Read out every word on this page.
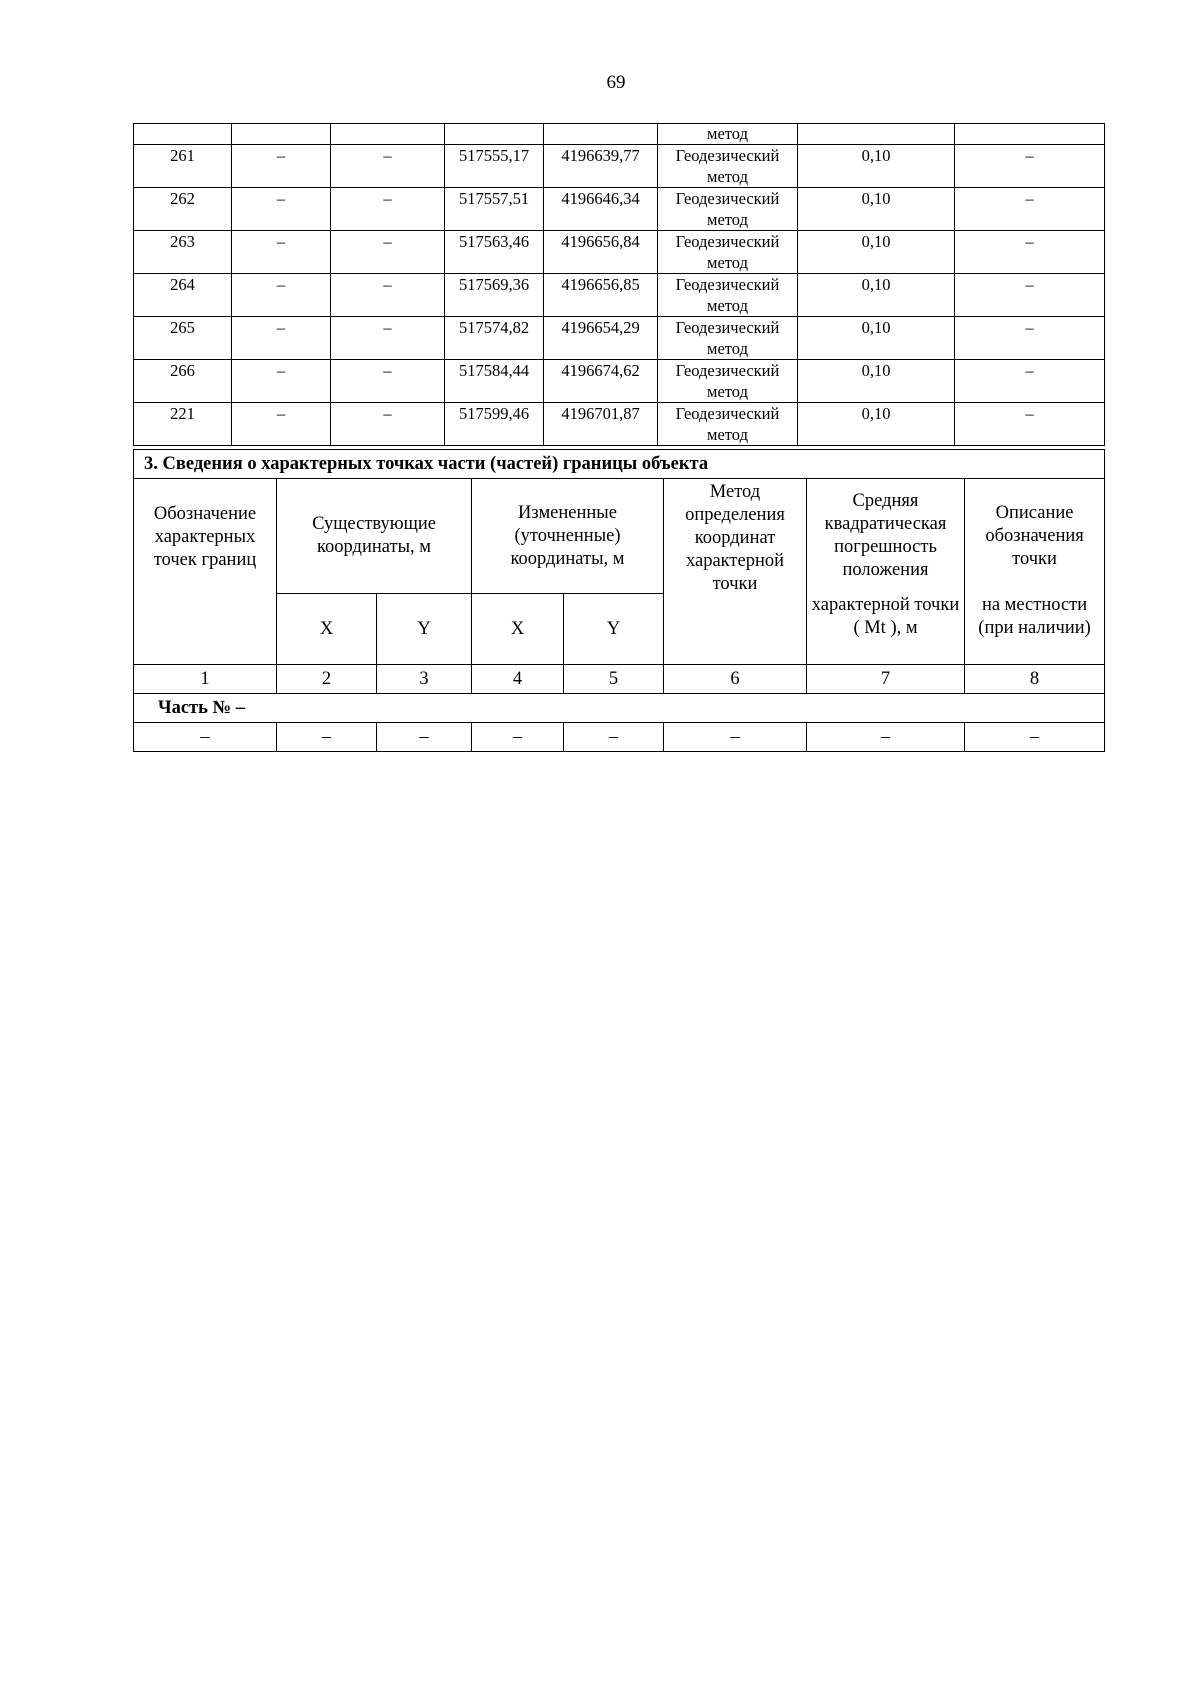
69
					метод		
261	–	–	517555,17	4196639,77	Геодезический метод	0,10	–
262	–	–	517557,51	4196646,34	Геодезический метод	0,10	–
263	–	–	517563,46	4196656,84	Геодезический метод	0,10	–
264	–	–	517569,36	4196656,85	Геодезический метод	0,10	–
265	–	–	517574,82	4196654,29	Геодезический метод	0,10	–
266	–	–	517584,44	4196674,62	Геодезический метод	0,10	–
221	–	–	517599,46	4196701,87	Геодезический метод	0,10	–
3. Сведения о характерных точках части (частей) границы объекта							
Обозначение характерных точек границ	Существующие координаты, м		Измененные (уточненные) координаты, м		Метод определения координат характерной точки	Средняя квадратическая погрешность положения	Описание обозначения точки
	X	Y	X	Y		характерной точки ( Mt ), м	на местности (при наличии)
1	2	3	4	5	6	7	8
Часть № –							
–	–	–	–	–	–	–	–
